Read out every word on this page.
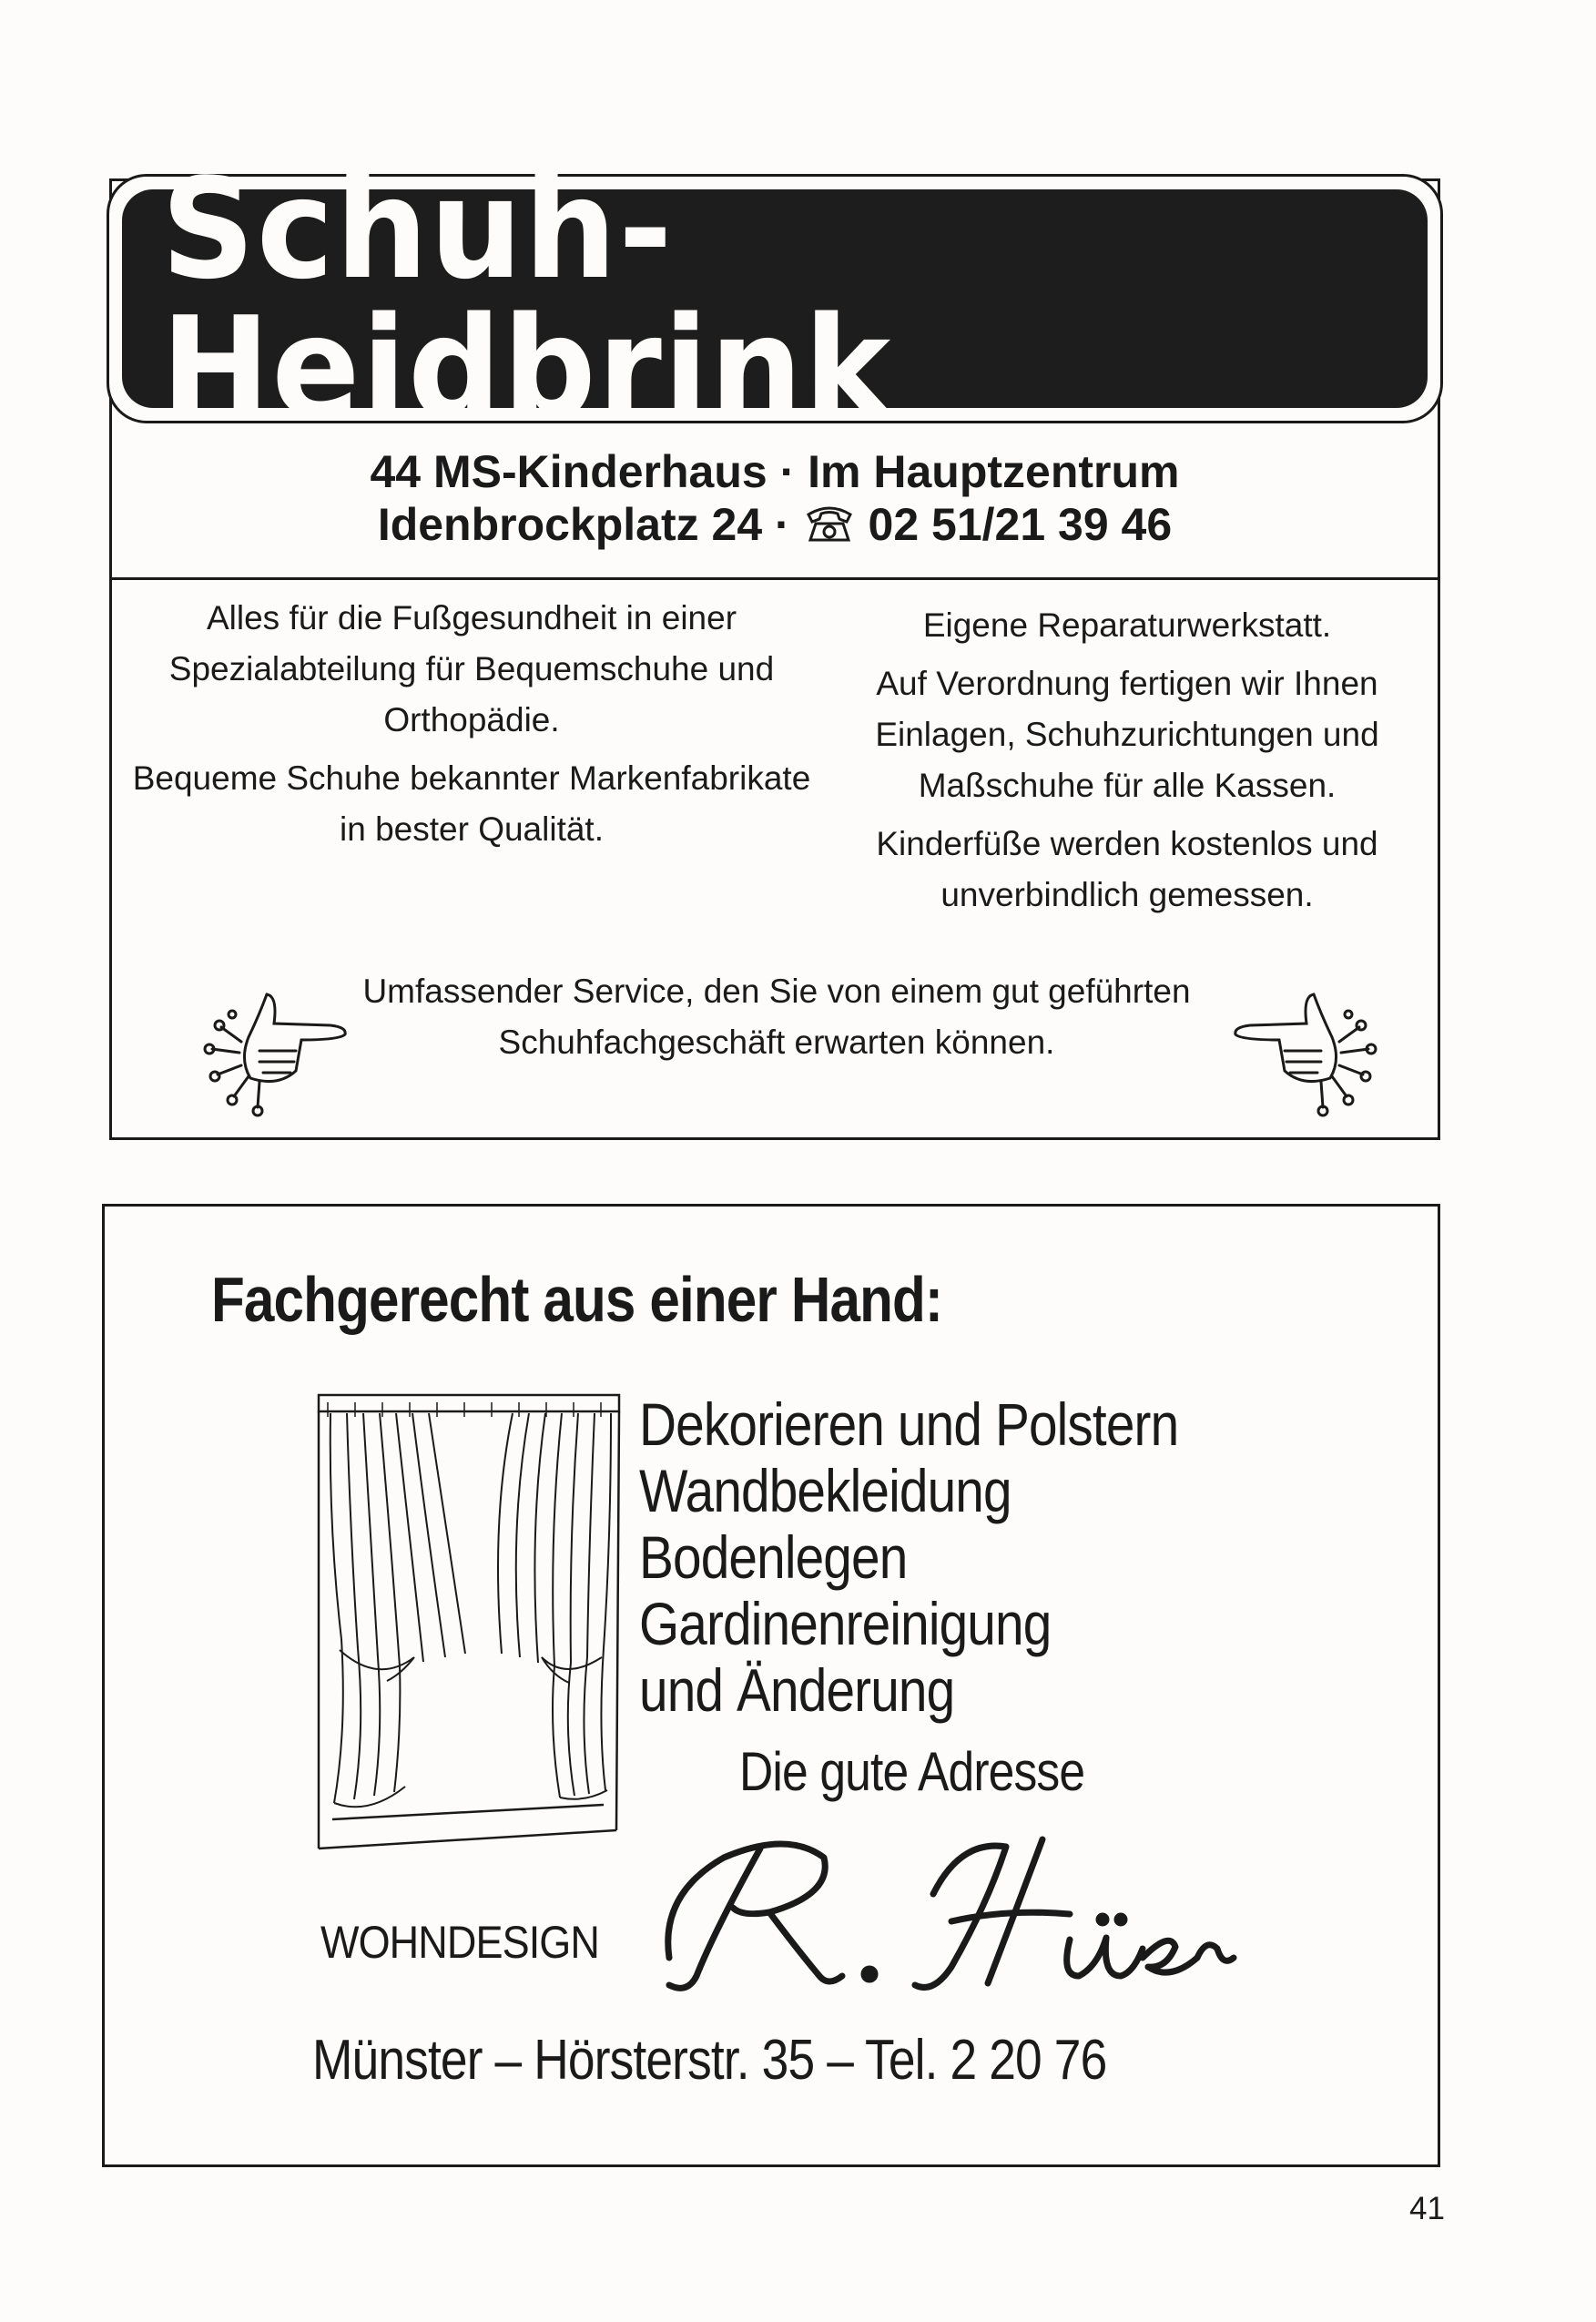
Schuh-Heidbrink
44 MS-Kinderhaus · Im Hauptzentrum
Idenbrockplatz 24 · 02 51/21 39 46

Alles für die Fußgesundheit in einer Spezialabteilung für Bequemschuhe und Orthopädie.

Bequeme Schuhe bekannter Markenfabrikate in bester Qualität.

Eigene Reparaturwerkstatt.

Auf Verordnung fertigen wir Ihnen Einlagen, Schuhzurichtungen und Maßschuhe für alle Kassen.

Kinderfüße werden kostenlos und unverbindlich gemessen.

Umfassender Service, den Sie von einem gut geführten Schuhfachgeschäft erwarten können.
Fachgerecht aus einer Hand:
Dekorieren und Polstern
Wandbekleidung
Bodenlegen
Gardinenreinigung
und Änderung
Die gute Adresse
WOHNDESIGN
Münster – Hörsterstr. 35 – Tel. 2 20 76
41
